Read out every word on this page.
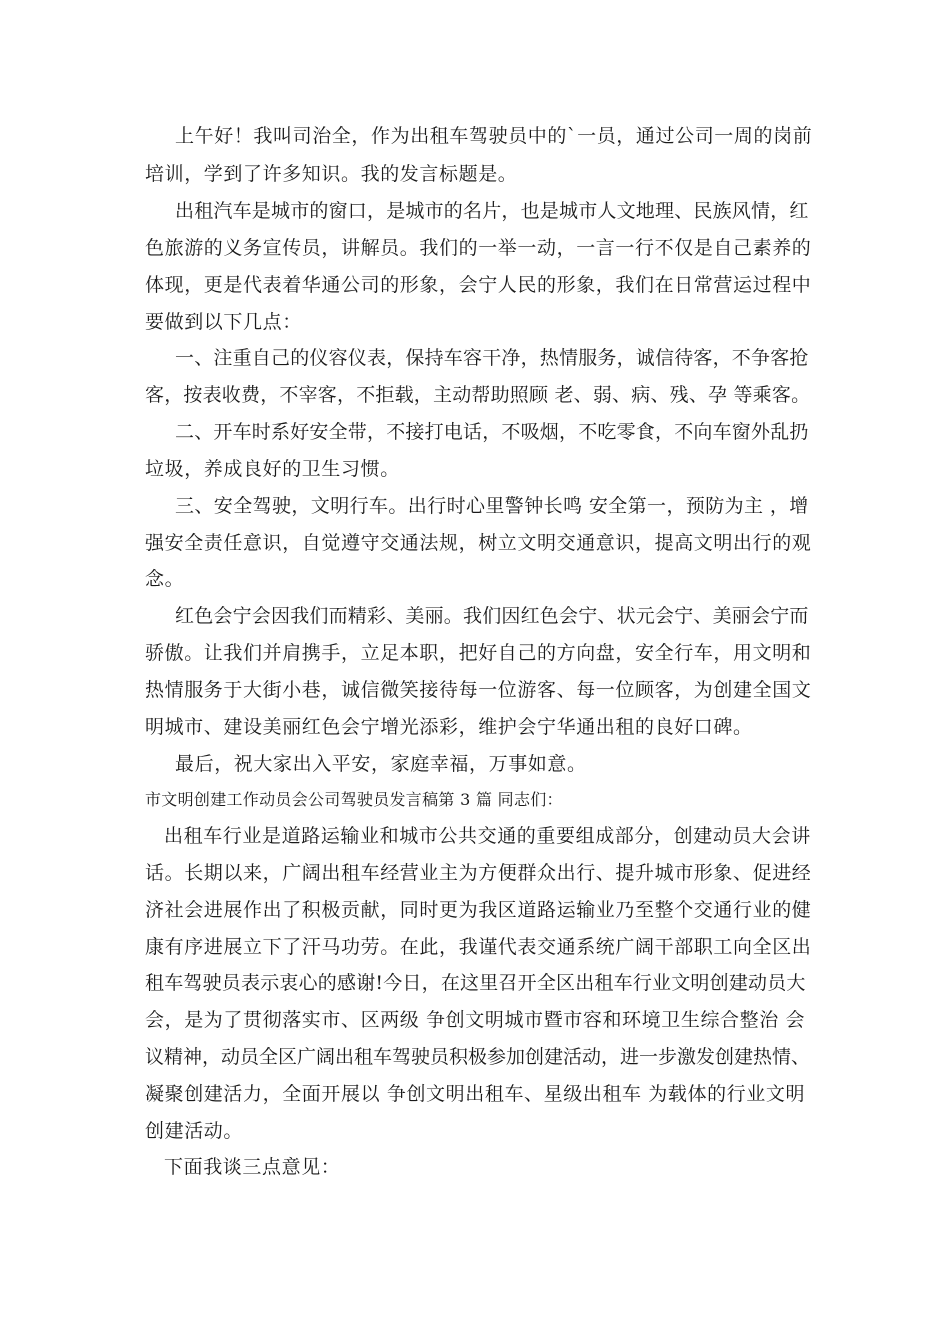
上午好！我叫司治全，作为出租车驾驶员中的`一员，通过公司一周的岗前
培训，学到了许多知识。我的发言标题是。
出租汽车是城市的窗口，是城市的名片，也是城市人文地理、民族风情，红
色旅游的义务宣传员，讲解员。我们的一举一动，一言一行不仅是自己素养的
体现，更是代表着华通公司的形象，会宁人民的形象，我们在日常营运过程中
要做到以下几点：
一、注重自己的仪容仪表，保持车容干净，热情服务，诚信待客，不争客抢
客，按表收费，不宰客，不拒载，主动帮助照顾 老、弱、病、残、孕 等乘客。
二、开车时系好安全带，不接打电话，不吸烟，不吃零食，不向车窗外乱扔
垃圾，养成良好的卫生习惯。
三、安全驾驶，文明行车。出行时心里警钟长鸣 安全第一，预防为主 ，增
强安全责任意识，自觉遵守交通法规，树立文明交通意识，提高文明出行的观
念。
红色会宁会因我们而精彩、美丽。我们因红色会宁、状元会宁、美丽会宁而
骄傲。让我们并肩携手，立足本职，把好自己的方向盘，安全行车，用文明和
热情服务于大街小巷，诚信微笑接待每一位游客、每一位顾客，为创建全国文
明城市、建设美丽红色会宁增光添彩，维护会宁华通出租的良好口碑。
最后，祝大家出入平安，家庭幸福，万事如意。
市文明创建工作动员会公司驾驶员发言稿第 3 篇 同志们：
出租车行业是道路运输业和城市公共交通的重要组成部分，创建动员大会讲
话。长期以来，广阔出租车经营业主为方便群众出行、提升城市形象、促进经
济社会进展作出了积极贡献，同时更为我区道路运输业乃至整个交通行业的健
康有序进展立下了汗马功劳。在此，我谨代表交通系统广阔干部职工向全区出
租车驾驶员表示衷心的感谢!今日，在这里召开全区出租车行业文明创建动员大
会，是为了贯彻落实市、区两级 争创文明城市暨市容和环境卫生综合整治 会
议精神，动员全区广阔出租车驾驶员积极参加创建活动，进一步激发创建热情、
凝聚创建活力，全面开展以 争创文明出租车、星级出租车 为载体的行业文明
创建活动。
下面我谈三点意见：
